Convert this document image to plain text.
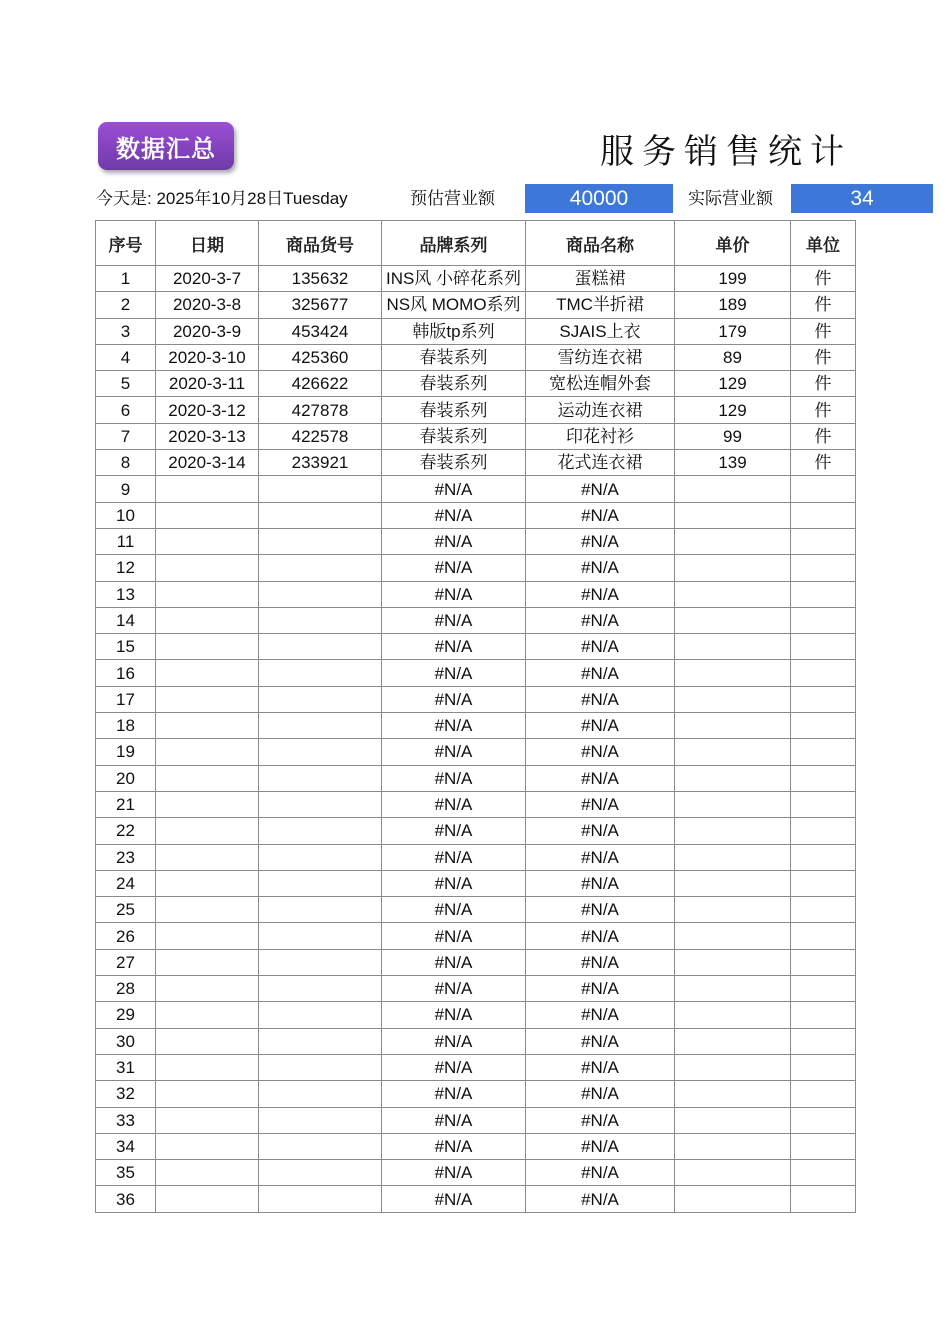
数据汇总	服务销售统计
今天是: 2025年10月28日Tuesday	预估营业额	40000	实际营业额	34
序号	日期	商品货号	品牌系列	商品名称	单价	单位
1	2020-3-7	135632	INS风 小碎花系列	蛋糕裙	199	件
2	2020-3-8	325677	NS风 MOMO系列	TMC半折裙	189	件
3	2020-3-9	453424	韩版tp系列	SJAIS上衣	179	件
4	2020-3-10	425360	春装系列	雪纺连衣裙	89	件
5	2020-3-11	426622	春装系列	宽松连帽外套	129	件
6	2020-3-12	427878	春装系列	运动连衣裙	129	件
7	2020-3-13	422578	春装系列	印花衬衫	99	件
8	2020-3-14	233921	春装系列	花式连衣裙	139	件
9			#N/A	#N/A		
10			#N/A	#N/A		
11			#N/A	#N/A		
12			#N/A	#N/A		
13			#N/A	#N/A		
14			#N/A	#N/A		
15			#N/A	#N/A		
16			#N/A	#N/A		
17			#N/A	#N/A		
18			#N/A	#N/A		
19			#N/A	#N/A		
20			#N/A	#N/A		
21			#N/A	#N/A		
22			#N/A	#N/A		
23			#N/A	#N/A		
24			#N/A	#N/A		
25			#N/A	#N/A		
26			#N/A	#N/A		
27			#N/A	#N/A		
28			#N/A	#N/A		
29			#N/A	#N/A		
30			#N/A	#N/A		
31			#N/A	#N/A		
32			#N/A	#N/A		
33			#N/A	#N/A		
34			#N/A	#N/A		
35			#N/A	#N/A		
36			#N/A	#N/A		
